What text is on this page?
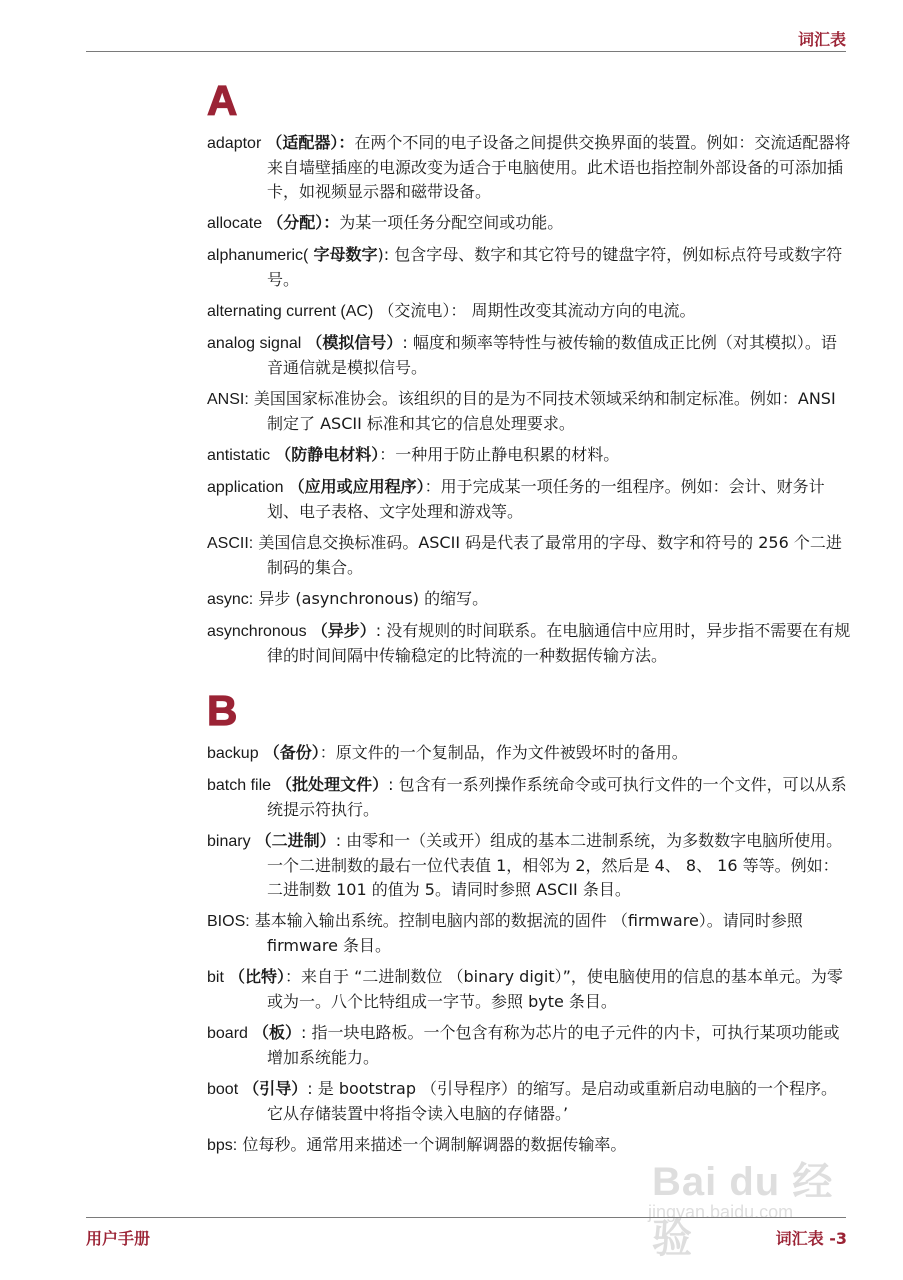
词汇表
A
adaptor （适配器）：在两个不同的电子设备之间提供交换界面的装置。例如：交流适配器将来自墙壁插座的电源改变为适合于电脑使用。此术语也指控制外部设备的可添加插卡，如视频显示器和磁带设备。
allocate （分配）：为某一项任务分配空间或功能。
alphanumeric( 字母数字): 包含字母、数字和其它符号的键盘字符，例如标点符号或数字符号。
alternating current (AC) （交流电）： 周期性改变其流动方向的电流。
analog signal （模拟信号）: 幅度和频率等特性与被传输的数值成正比例（对其模拟）。语音通信就是模拟信号。
ANSI: 美国国家标准协会。该组织的目的是为不同技术领域采纳和制定标准。例如：ANSI 制定了 ASCII 标准和其它的信息处理要求。
antistatic （防静电材料）：一种用于防止静电积累的材料。
application （应用或应用程序）：用于完成某一项任务的一组程序。例如：会计、财务计划、电子表格、文字处理和游戏等。
ASCII: 美国信息交换标准码。ASCII 码是代表了最常用的字母、数字和符号的 256 个二进制码的集合。
async: 异步 (asynchronous) 的缩写。
asynchronous （异步）: 没有规则的时间联系。在电脑通信中应用时，异步指不需要在有规律的时间间隔中传输稳定的比特流的一种数据传输方法。
B
backup （备份）：原文件的一个复制品，作为文件被毁坏时的备用。
batch file （批处理文件）: 包含有一系列操作系统命令或可执行文件的一个文件，可以从系统提示符执行。
binary （二进制）: 由零和一（关或开）组成的基本二进制系统，为多数数字电脑所使用。一个二进制数的最右一位代表值 1，相邻为 2，然后是 4、 8、 16 等等。例如：二进制数 101 的值为 5。请同时参照 ASCII 条目。
BIOS: 基本输入输出系统。控制电脑内部的数据流的固件 （firmware）。请同时参照 firmware 条目。
bit （比特）：来自于 “二进制数位 （binary digit）”，使电脑使用的信息的基本单元。为零或为一。八个比特组成一字节。参照 byte 条目。
board （板）: 指一块电路板。一个包含有称为芯片的电子元件的内卡，可执行某项功能或增加系统能力。
boot （引导）: 是 bootstrap （引导程序）的缩写。是启动或重新启动电脑的一个程序。它从存储装置中将指令读入电脑的存储器。’
bps: 位每秒。通常用来描述一个调制解调器的数据传输率。
Bai du 经验
jingyan.baidu.com
用户手册	词汇表 -3
